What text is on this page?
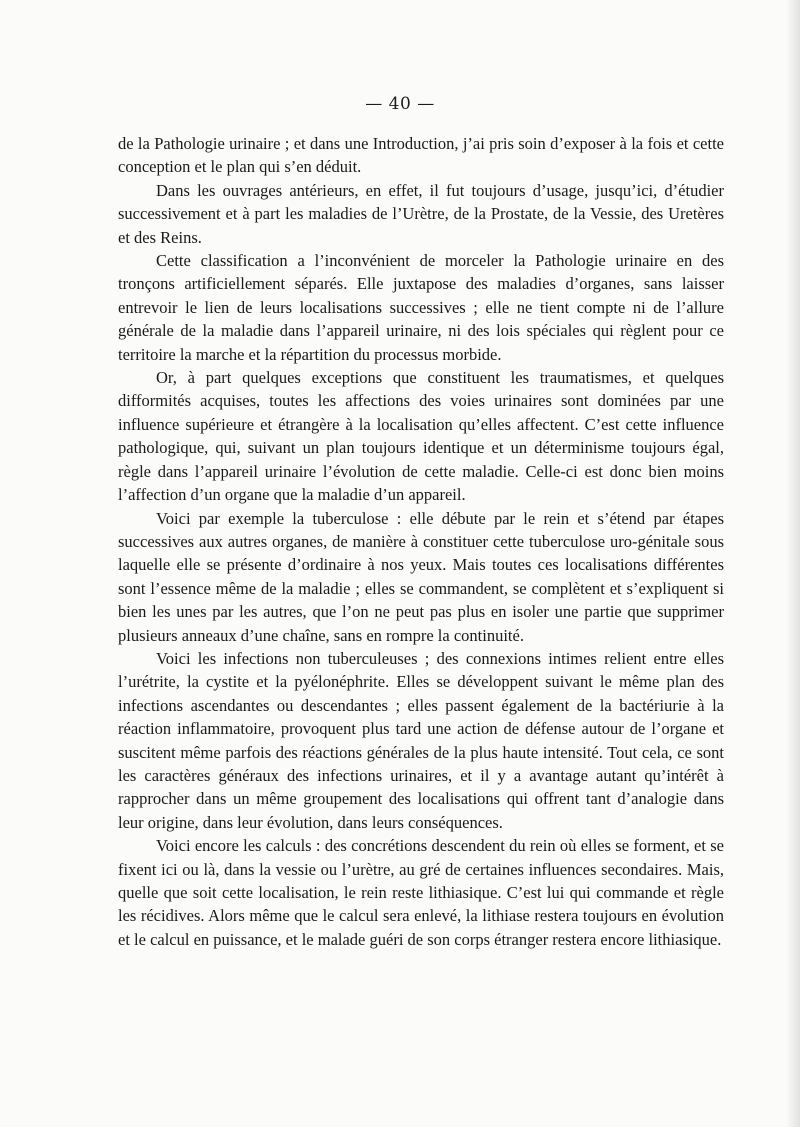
— 40 —

de la Pathologie urinaire ; et dans une Introduction, j’ai pris soin d’exposer à la fois et cette conception et le plan qui s’en déduit.

Dans les ouvrages antérieurs, en effet, il fut toujours d’usage, jusqu’ici, d’étudier successivement et à part les maladies de l’Urètre, de la Prostate, de la Vessie, des Uretères et des Reins.

Cette classification a l’inconvénient de morceler la Pathologie urinaire en des tronçons artificiellement séparés. Elle juxtapose des maladies d’organes, sans laisser entrevoir le lien de leurs localisations successives ; elle ne tient compte ni de l’allure générale de la maladie dans l’appareil urinaire, ni des lois spéciales qui règlent pour ce territoire la marche et la répartition du processus morbide.

Or, à part quelques exceptions que constituent les traumatismes, et quelques difformités acquises, toutes les affections des voies urinaires sont dominées par une influence supérieure et étrangère à la localisation qu’elles affectent. C’est cette influence pathologique, qui, suivant un plan toujours identique et un déterminisme toujours égal, règle dans l’appareil urinaire l’évolution de cette maladie. Celle-ci est donc bien moins l’affection d’un organe que la maladie d’un appareil.

Voici par exemple la tuberculose : elle débute par le rein et s’étend par étapes successives aux autres organes, de manière à constituer cette tuberculose uro-génitale sous laquelle elle se présente d’ordinaire à nos yeux. Mais toutes ces localisations différentes sont l’essence même de la maladie ; elles se commandent, se complètent et s’expliquent si bien les unes par les autres, que l’on ne peut pas plus en isoler une partie que supprimer plusieurs anneaux d’une chaîne, sans en rompre la continuité.

Voici les infections non tuberculeuses ; des connexions intimes relient entre elles l’urétrite, la cystite et la pyélonéphrite. Elles se développent suivant le même plan des infections ascendantes ou descendantes ; elles passent également de la bactériurie à la réaction inflammatoire, provoquent plus tard une action de défense autour de l’organe et suscitent même parfois des réactions générales de la plus haute intensité. Tout cela, ce sont les caractères généraux des infections urinaires, et il y a avantage autant qu’intérêt à rapprocher dans un même groupement des localisations qui offrent tant d’analogie dans leur origine, dans leur évolution, dans leurs conséquences.

Voici encore les calculs : des concrétions descendent du rein où elles se forment, et se fixent ici ou là, dans la vessie ou l’urètre, au gré de certaines influences secondaires. Mais, quelle que soit cette localisation, le rein reste lithiasique. C’est lui qui commande et règle les récidives. Alors même que le calcul sera enlevé, la lithiase restera toujours en évolution et le calcul en puissance, et le malade guéri de son corps étranger restera encore lithiasique.
